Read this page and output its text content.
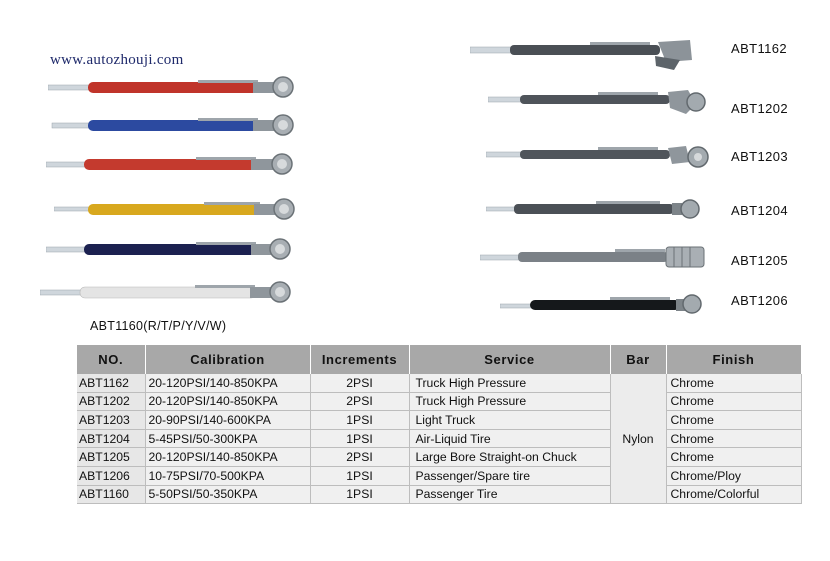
www.autozhouji.com
ABT1160(R/T/P/Y/V/W)
ABT1162
ABT1202
ABT1203
ABT1204
ABT1205
ABT1206
NO.	Calibration	Increments	Service	Bar	Finish
ABT1162	20-120PSI/140-850KPA	2PSI	Truck High Pressure	Nylon	Chrome
ABT1202	20-120PSI/140-850KPA	2PSI	Truck High Pressure		Chrome
ABT1203	20-90PSI/140-600KPA	1PSI	Light Truck		Chrome
ABT1204	5-45PSI/50-300KPA	1PSI	Air-Liquid Tire		Chrome
ABT1205	20-120PSI/140-850KPA	2PSI	Large Bore Straight-on Chuck		Chrome
ABT1206	10-75PSI/70-500KPA	1PSI	Passenger/Spare tire		Chrome/Ploy
ABT1160	5-50PSI/50-350KPA	1PSI	Passenger Tire		Chrome/Colorful
